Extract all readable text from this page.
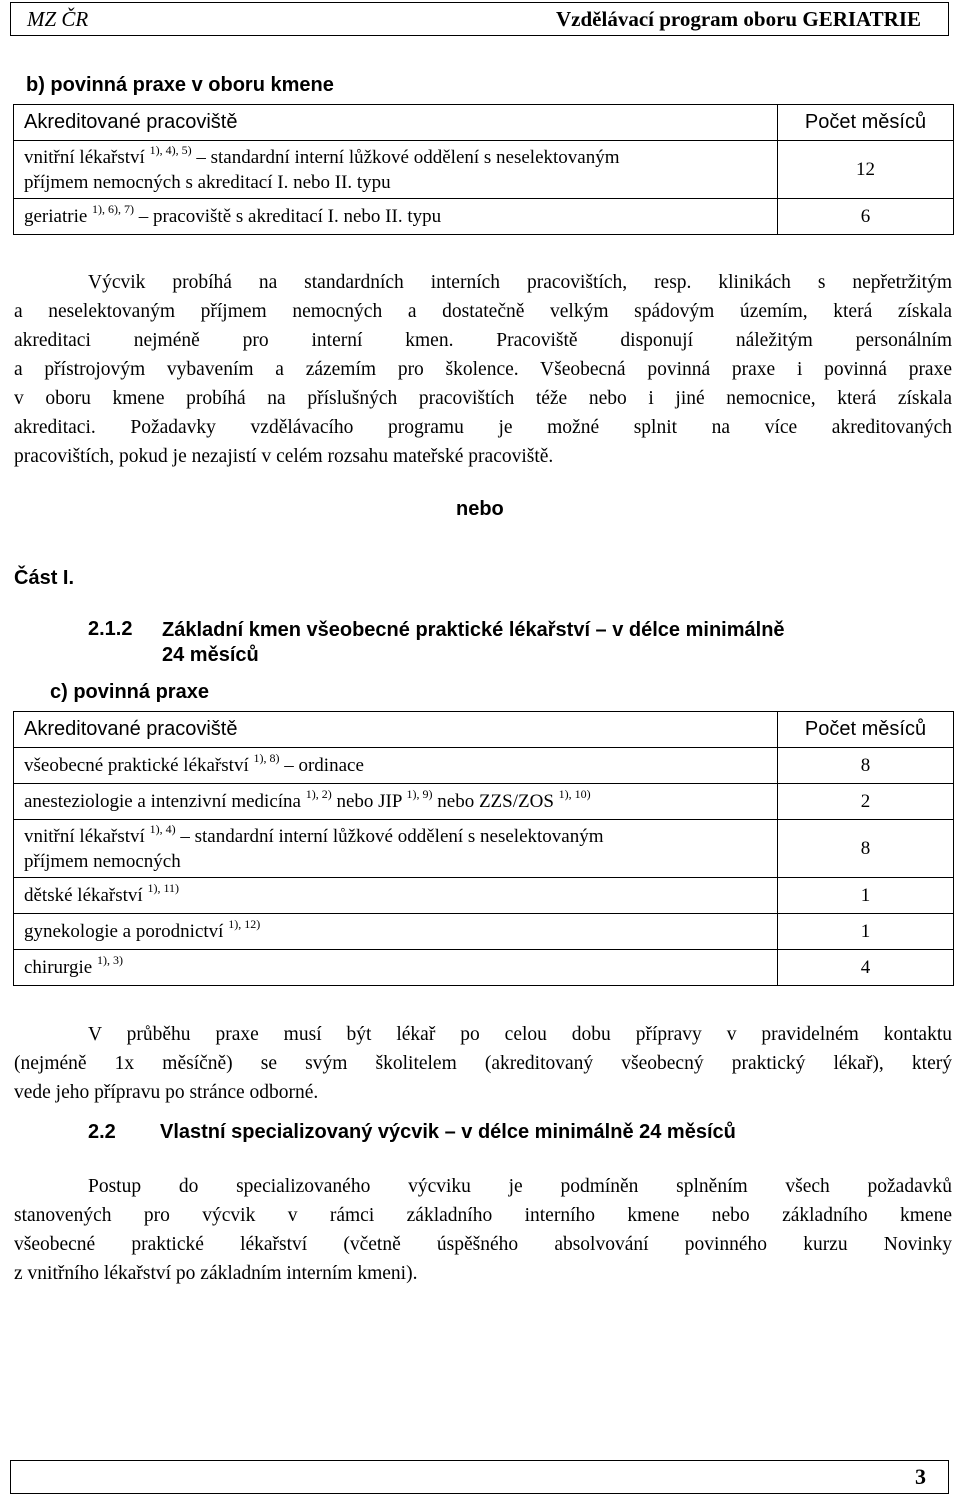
MZ ČR	Vzdělávací program oboru GERIATRIE
b) povinná praxe v oboru kmene
Akreditované pracoviště	Počet měsíců
vnitřní lékařství $^{1), 4), 5)}$ – standardní interní lůžkové oddělení s neselektovaným
příjmem nemocných s akreditací I. nebo II. typu	12
geriatrie $^{1), 6), 7)}$ – pracoviště s akreditací I. nebo II. typu	6
Výcvik probíhá na standardních interních pracovištích, resp. klinikách s nepřetržitým
a neselektovaným příjmem nemocných a dostatečně velkým spádovým územím, která získala
akreditaci nejméně pro interní kmen. Pracoviště disponují náležitým personálním
a přístrojovým vybavením a zázemím pro školence. Všeobecná povinná praxe i povinná praxe
v oboru kmene probíhá na příslušných pracovištích téže nebo i jiné nemocnice, která získala
akreditaci. Požadavky vzdělávacího programu je možné splnit na více akreditovaných
pracovištích, pokud je nezajistí v celém rozsahu mateřské pracoviště.
nebo
Část I.
2.1.2 Základní kmen všeobecné praktické lékařství – v délce minimálně
24 měsíců
c) povinná praxe
Akreditované pracoviště	Počet měsíců
všeobecné praktické lékařství $^{1), 8)}$ – ordinace	8
anesteziologie a intenzivní medicína $^{1), 2)}$ nebo JIP $^{1), 9)}$ nebo ZZS/ZOS $^{1), 10)}$	2
vnitřní lékařství $^{1), 4)}$ – standardní interní lůžkové oddělení s neselektovaným
příjmem nemocných	8
dětské lékařství $^{1), 11)}$	1
gynekologie a porodnictví $^{1), 12)}$	1
chirurgie $^{1), 3)}$	4
V průběhu praxe musí být lékař po celou dobu přípravy v pravidelném kontaktu
(nejméně 1x měsíčně) se svým školitelem (akreditovaný všeobecný praktický lékař), který
vede jeho přípravu po stránce odborné.
2.2 Vlastní specializovaný výcvik – v délce minimálně 24 měsíců
Postup do specializovaného výcviku je podmíněn splněním všech požadavků
stanovených pro výcvik v rámci základního interního kmene nebo základního kmene
všeobecné praktické lékařství (včetně úspěšného absolvování povinného kurzu Novinky
z vnitřního lékařství po základním interním kmeni).
3
